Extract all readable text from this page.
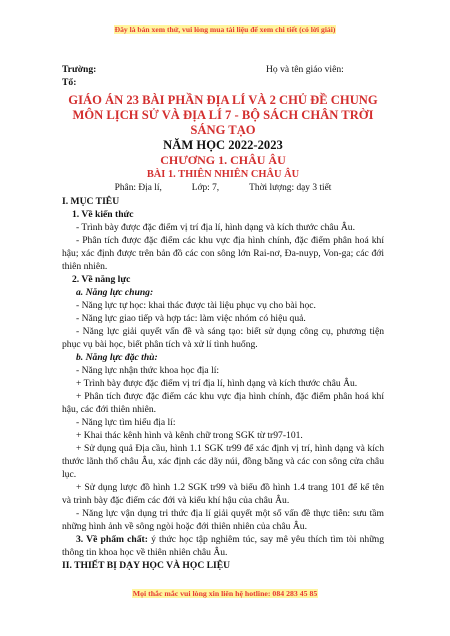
Đây là bản xem thử, vui lòng mua tài liệu để xem chi tiết (có lời giải)
Trường:	Họ và tên giáo viên:
Tổ:
GIÁO ÁN 23 BÀI PHẦN ĐỊA LÍ VÀ 2 CHỦ ĐỀ CHUNG
MÔN LỊCH SỬ VÀ ĐỊA LÍ 7 - BỘ SÁCH CHÂN TRỜI SÁNG TẠO
NĂM HỌC 2022-2023
CHƯƠNG 1. CHÂU ÂU
BÀI 1. THIÊN NHIÊN CHÂU ÂU
Phân: Địa lí,	Lớp: 7,	Thời lượng: dạy 3 tiết
I. MỤC TIÊU
1. Về kiến thức
- Trình bày được đặc điểm vị trí địa lí, hình dạng và kích thước châu Âu.
- Phân tích được đặc điểm các khu vực địa hình chính, đặc điểm phân hoá khí hậu; xác định được trên bản đồ các con sông lớn Rai-nơ, Đa-nuyp, Von-ga; các đới thiên nhiên.
2. Về năng lực
a. Năng lực chung:
- Năng lực tự học: khai thác được tài liệu phục vụ cho bài học.
- Năng lực giao tiếp và hợp tác: làm việc nhóm có hiệu quả.
- Năng lực giải quyết vấn đề và sáng tạo: biết sử dụng công cụ, phương tiện phục vụ bài học, biết phân tích và xử lí tình huống.
b. Năng lực đặc thù:
- Năng lực nhận thức khoa học địa lí:
+ Trình bày được đặc điểm vị trí địa lí, hình dạng và kích thước châu Âu.
+ Phân tích được đặc điểm các khu vực địa hình chính, đặc điểm phân hoá khí hậu, các đới thiên nhiên.
- Năng lực tìm hiểu địa lí:
+ Khai thác kênh hình và kênh chữ trong SGK từ tr97-101.
+ Sử dụng quả Địa cầu, hình 1.1 SGK tr99 để xác định vị trí, hình dạng và kích thước lãnh thổ châu Âu, xác định các dãy núi, đồng bằng và các con sông cửa châu lục.
+ Sử dụng lược đồ hình 1.2 SGK tr99 và biểu đồ hình 1.4 trang 101 để kể tên và trình bày đặc điểm các đới và kiểu khí hậu của châu Âu.
- Năng lực vận dụng tri thức địa lí giải quyết một số vấn đề thực tiễn: sưu tầm những hình ảnh về sông ngòi hoặc đới thiên nhiên của châu Âu.
3. Về phẩm chất: ý thức học tập nghiêm túc, say mê yêu thích tìm tòi những thông tin khoa học về thiên nhiên châu Âu.
II. THIẾT BỊ DẠY HỌC VÀ HỌC LIỆU
Mọi thắc mắc vui lòng xin liên hệ hotline: 084 283 45 85
